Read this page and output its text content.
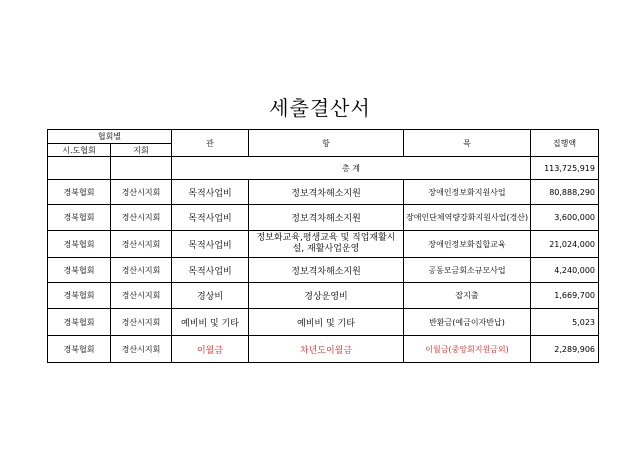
세출결산서
협회별		관	항	목	집행액
시.도협회	지회				
		총 계			113,725,919
경북협회	경산시지회	목적사업비	정보격차해소지원	장애인정보화지원사업	80,888,290
경북협회	경산시지회	목적사업비	정보격차해소지원	장애인단체역량강화지원사업(경산)	3,600,000
경북협회	경산시지회	목적사업비	정보화교육,평생교육 및 직업재활시설, 재활사업운영	장애인정보화집합교육	21,024,000
경북협회	경산시지회	목적사업비	정보격차해소지원	공동모금회소규모사업	4,240,000
경북협회	경산시지회	경상비	경상운영비	잡지출	1,669,700
경북협회	경산시지회	예비비 및 기타	예비비 및 기타	반환금(예금이자반납)	5,023
경북협회	경산시지회	이월금	차년도이월금	이월금(중앙회지원금외)	2,289,906
